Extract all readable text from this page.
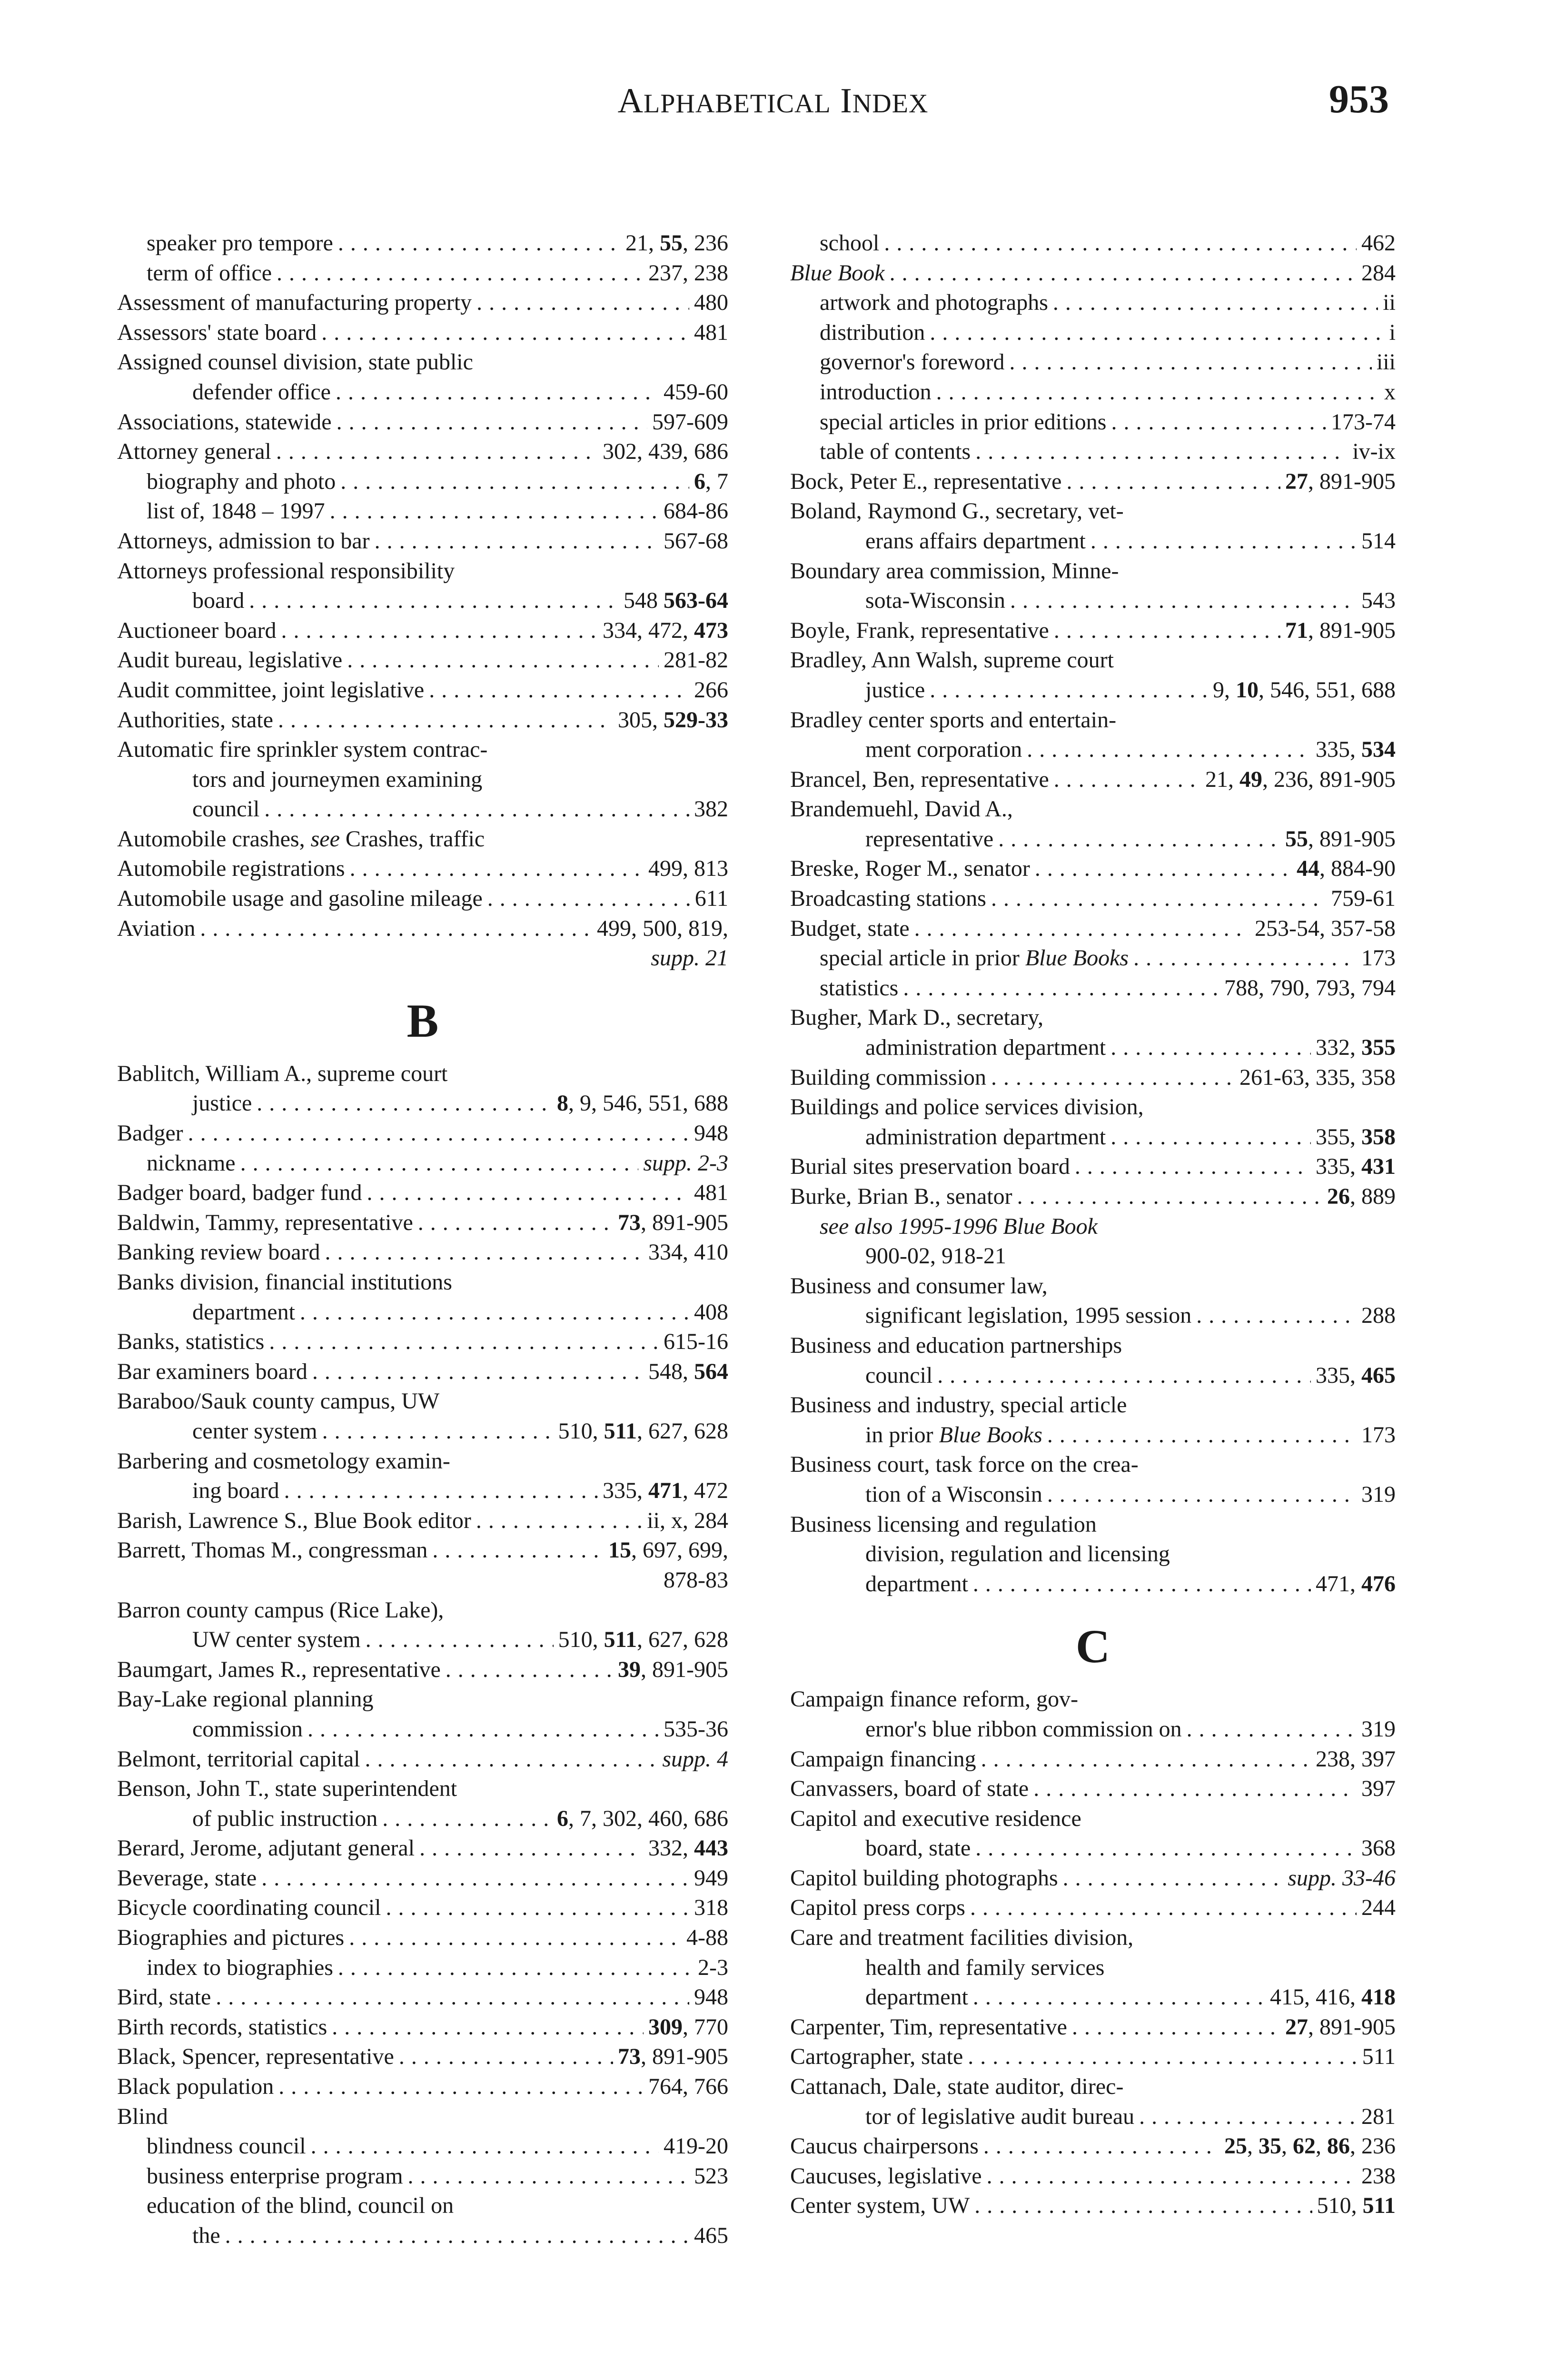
ALPHABETICAL INDEX	953
speaker pro tempore . . .	21, 55, 236
term of office . . .	237, 238
Assessment of manufacturing property . . .	480
Assessors' state board . . .	481
Assigned counsel division, state public
defender office . . .	459-60
Associations, statewide . . .	597-609
Attorney general . . .	302, 439, 686
biography and photo . . .	6, 7
list of, 1848 – 1997 . . .	684-86
Attorneys, admission to bar . . .	567-68
Attorneys professional responsibility
board . . .	548 563-64
Auctioneer board . . .	334, 472, 473
Audit bureau, legislative . . .	281-82
Audit committee, joint legislative . . .	266
Authorities, state . . .	305, 529-33
Automatic fire sprinkler system contrac-
tors and journeymen examining
council . . .	382
Automobile crashes, see Crashes, traffic
Automobile registrations . . .	499, 813
Automobile usage and gasoline mileage . . .	611
Aviation . . .	499, 500, 819,
supp. 21
B
Bablitch, William A., supreme court
justice . . .	8, 9, 546, 551, 688
Badger . . .	948
nickname . . .	supp. 2-3
Badger board, badger fund . . .	481
Baldwin, Tammy, representative . . .	73, 891-905
Banking review board . . .	334, 410
Banks division, financial institutions
department . . .	408
Banks, statistics . . .	615-16
Bar examiners board . . .	548, 564
Baraboo/Sauk county campus, UW
center system . . .	510, 511, 627, 628
Barbering and cosmetology examin-
ing board . . .	335, 471, 472
Barish, Lawrence S., Blue Book editor . . .	ii, x, 284
Barrett, Thomas M., congressman . . .	15, 697, 699,
878-83
Barron county campus (Rice Lake),
UW center system . . .	510, 511, 627, 628
Baumgart, James R., representative . . .	39, 891-905
Bay-Lake regional planning
commission . . .	535-36
Belmont, territorial capital . . .	supp. 4
Benson, John T., state superintendent
of public instruction . . .	6, 7, 302, 460, 686
Berard, Jerome, adjutant general . . .	332, 443
Beverage, state . . .	949
Bicycle coordinating council . . .	318
Biographies and pictures . . .	4-88
index to biographies . . .	2-3
Bird, state . . .	948
Birth records, statistics . . .	309, 770
Black, Spencer, representative . . .	73, 891-905
Black population . . .	764, 766
Blind
blindness council . . .	419-20
business enterprise program . . .	523
education of the blind, council on
the . . .	465
school . . .	462
Blue Book . . .	284
artwork and photographs . . .	ii
distribution . . .	i
governor's foreword . . .	iii
introduction . . .	x
special articles in prior editions . . .	173-74
table of contents . . .	iv-ix
Bock, Peter E., representative . . .	27, 891-905
Boland, Raymond G., secretary, vet-
erans affairs department . . .	514
Boundary area commission, Minne-
sota-Wisconsin . . .	543
Boyle, Frank, representative . . .	71, 891-905
Bradley, Ann Walsh, supreme court
justice . . .	9, 10, 546, 551, 688
Bradley center sports and entertain-
ment corporation . . .	335, 534
Brancel, Ben, representative . . .	21, 49, 236, 891-905
Brandemuehl, David A.,
representative . . .	55, 891-905
Breske, Roger M., senator . . .	44, 884-90
Broadcasting stations . . .	759-61
Budget, state . . .	253-54, 357-58
special article in prior Blue Books . . .	173
statistics . . .	788, 790, 793, 794
Bugher, Mark D., secretary,
administration department . . .	332, 355
Building commission . . .	261-63, 335, 358
Buildings and police services division,
administration department . . .	355, 358
Burial sites preservation board . . .	335, 431
Burke, Brian B., senator . . .	26, 889
see also 1995-1996 Blue Book
900-02, 918-21
Business and consumer law,
significant legislation, 1995 session . . .	288
Business and education partnerships
council . . .	335, 465
Business and industry, special article
in prior Blue Books . . .	173
Business court, task force on the crea-
tion of a Wisconsin . . .	319
Business licensing and regulation
division, regulation and licensing
department . . .	471, 476
C
Campaign finance reform, gov-
ernor's blue ribbon commission on . . .	319
Campaign financing . . .	238, 397
Canvassers, board of state . . .	397
Capitol and executive residence
board, state . . .	368
Capitol building photographs . . .	supp. 33-46
Capitol press corps . . .	244
Care and treatment facilities division,
health and family services
department . . .	415, 416, 418
Carpenter, Tim, representative . . .	27, 891-905
Cartographer, state . . .	511
Cattanach, Dale, state auditor, direc-
tor of legislative audit bureau . . .	281
Caucus chairpersons . . .	25, 35, 62, 86, 236
Caucuses, legislative . . .	238
Center system, UW . . .	510, 511
